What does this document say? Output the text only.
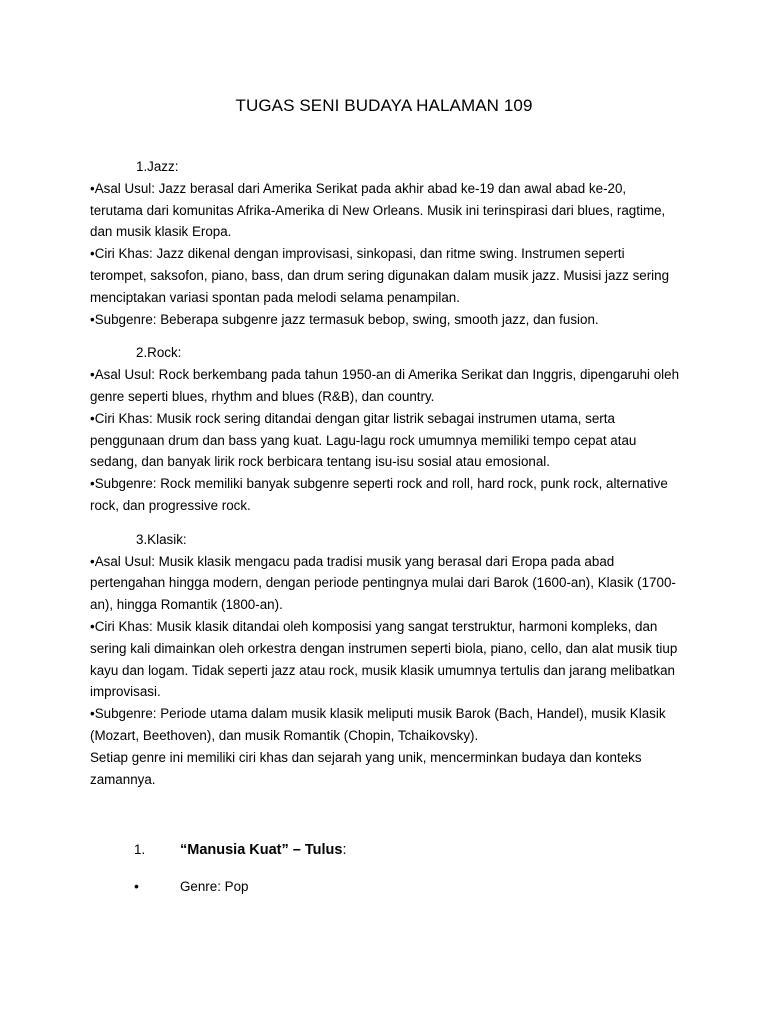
TUGAS SENI BUDAYA HALAMAN 109

1.Jazz:

•Asal Usul: Jazz berasal dari Amerika Serikat pada akhir abad ke-19 dan awal abad ke-20, terutama dari komunitas Afrika-Amerika di New Orleans. Musik ini terinspirasi dari blues, ragtime, dan musik klasik Eropa.

•Ciri Khas: Jazz dikenal dengan improvisasi, sinkopasi, dan ritme swing. Instrumen seperti terompet, saksofon, piano, bass, dan drum sering digunakan dalam musik jazz. Musisi jazz sering menciptakan variasi spontan pada melodi selama penampilan.

•Subgenre: Beberapa subgenre jazz termasuk bebop, swing, smooth jazz, dan fusion.

2.Rock:

•Asal Usul: Rock berkembang pada tahun 1950-an di Amerika Serikat dan Inggris, dipengaruhi oleh genre seperti blues, rhythm and blues (R&B), dan country.

•Ciri Khas: Musik rock sering ditandai dengan gitar listrik sebagai instrumen utama, serta penggunaan drum dan bass yang kuat. Lagu-lagu rock umumnya memiliki tempo cepat atau sedang, dan banyak lirik rock berbicara tentang isu-isu sosial atau emosional.

•Subgenre: Rock memiliki banyak subgenre seperti rock and roll, hard rock, punk rock, alternative rock, dan progressive rock.

3.Klasik:

•Asal Usul: Musik klasik mengacu pada tradisi musik yang berasal dari Eropa pada abad pertengahan hingga modern, dengan periode pentingnya mulai dari Barok (1600-an), Klasik (1700-an), hingga Romantik (1800-an).

•Ciri Khas: Musik klasik ditandai oleh komposisi yang sangat terstruktur, harmoni kompleks, dan sering kali dimainkan oleh orkestra dengan instrumen seperti biola, piano, cello, dan alat musik tiup kayu dan logam. Tidak seperti jazz atau rock, musik klasik umumnya tertulis dan jarang melibatkan improvisasi.

•Subgenre: Periode utama dalam musik klasik meliputi musik Barok (Bach, Handel), musik Klasik (Mozart, Beethoven), dan musik Romantik (Chopin, Tchaikovsky).

Setiap genre ini memiliki ciri khas dan sejarah yang unik, mencerminkan budaya dan konteks zamannya.

1.	“Manusia Kuat” – Tulus:
•	Genre: Pop
